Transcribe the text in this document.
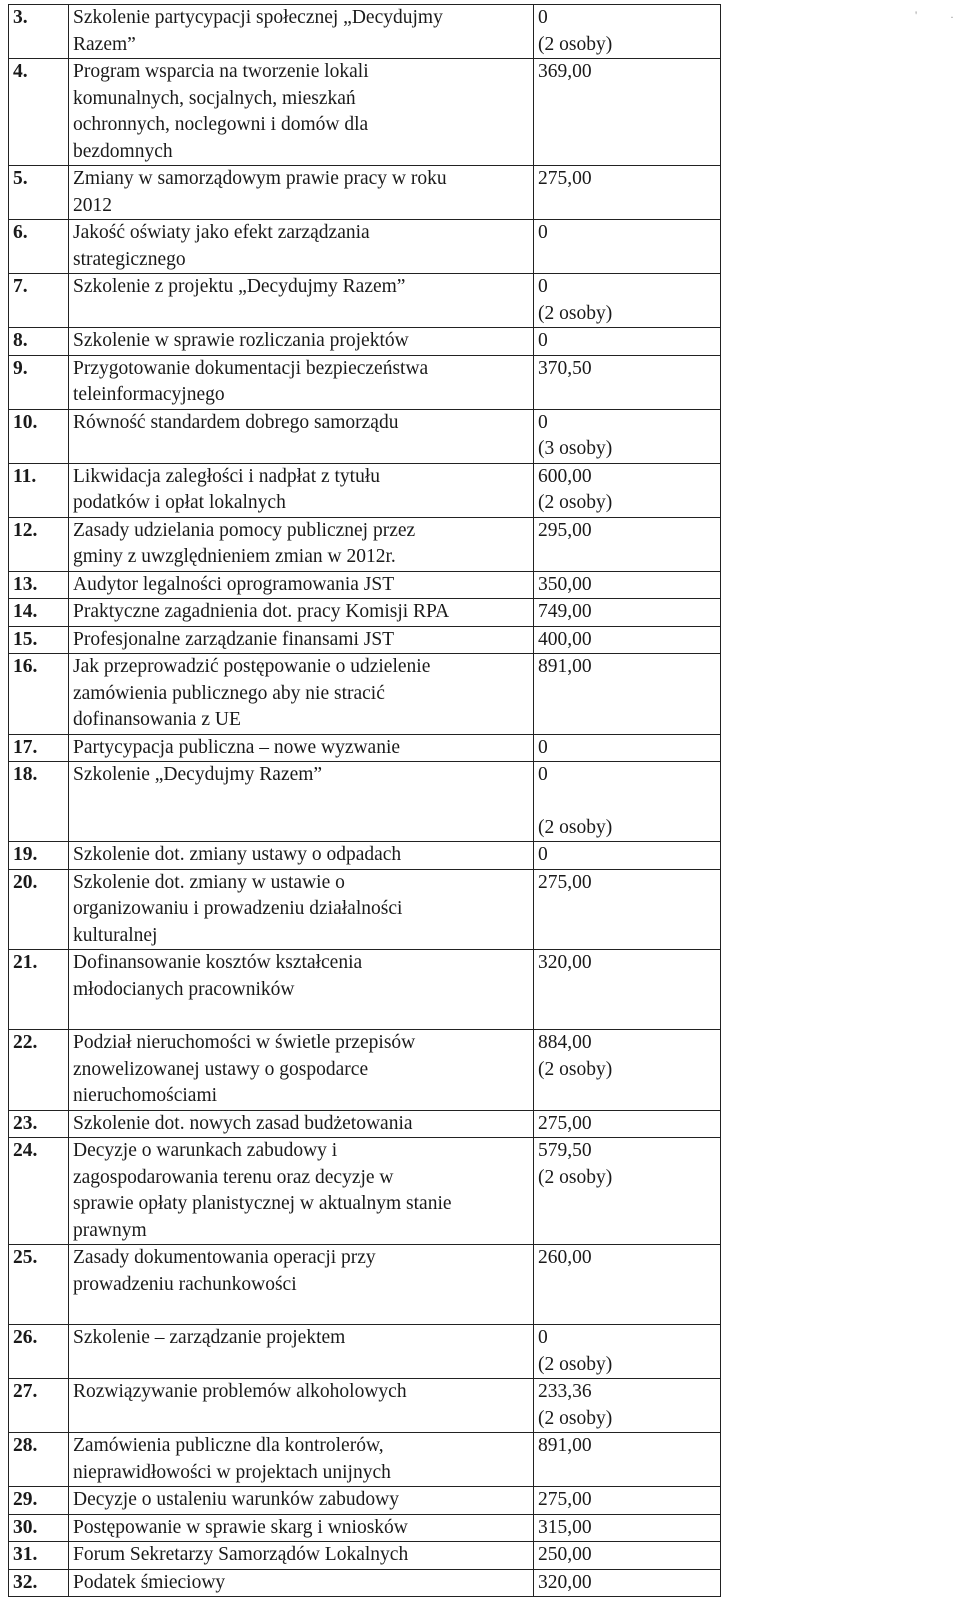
3.	Szkolenie partycypacji społecznej „Decydujmy
Razem”	0
(2 osoby)

4.	Program wsparcia na tworzenie lokali
komunalnych, socjalnych, mieszkań
ochronnych, noclegowni i domów dla
bezdomnych	369,00

5.	Zmiany w samorządowym prawie pracy w roku
2012	275,00

6.	Jakość oświaty jako efekt zarządzania
strategicznego	0

7.	Szkolenie z projektu „Decydujmy Razem”	0
(2 osoby)

8.	Szkolenie w sprawie rozliczania projektów	0

9.	Przygotowanie dokumentacji bezpieczeństwa
teleinformacyjnego	370,50

10.	Równość standardem dobrego samorządu	0
(3 osoby)

11.	Likwidacja zaległości i nadpłat z tytułu
podatków i opłat lokalnych	600,00
(2 osoby)

12.	Zasady udzielania pomocy publicznej przez
gminy z uwzględnieniem zmian w 2012r.	295,00

13.	Audytor legalności oprogramowania JST	350,00

14.	Praktyczne zagadnienia dot. pracy Komisji RPA	749,00

15.	Profesjonalne zarządzanie finansami JST	400,00

16.	Jak przeprowadzić postępowanie o udzielenie
zamówienia publicznego aby nie stracić
dofinansowania z UE	891,00

17.	Partycypacja publiczna – nowe wyzwanie	0

18.	Szkolenie „Decydujmy Razem”	0
(2 osoby)

19.	Szkolenie dot. zmiany ustawy o odpadach	0

20.	Szkolenie dot. zmiany w ustawie o
organizowaniu i prowadzeniu działalności
kulturalnej	275,00

21.	Dofinansowanie kosztów kształcenia
młodocianych pracowników	320,00

22.	Podział nieruchomości w świetle przepisów
znowelizowanej ustawy o gospodarce
nieruchomościami	884,00
(2 osoby)

23.	Szkolenie dot. nowych zasad budżetowania	275,00

24.	Decyzje o warunkach zabudowy i
zagospodarowania terenu oraz decyzje w
sprawie opłaty planistycznej w aktualnym stanie
prawnym	579,50
(2 osoby)

25.	Zasady dokumentowania operacji przy
prowadzeniu rachunkowości	260,00

26.	Szkolenie – zarządzanie projektem	0
(2 osoby)

27.	Rozwiązywanie problemów alkoholowych	233,36
(2 osoby)

28.	Zamówienia publiczne dla kontrolerów,
nieprawidłowości w projektach unijnych	891,00

29.	Decyzje o ustaleniu warunków zabudowy	275,00

30.	Postępowanie w sprawie skarg i wniosków	315,00

31.	Forum Sekretarzy Samorządów Lokalnych	250,00

32.	Podatek śmieciowy	320,00
'	·
